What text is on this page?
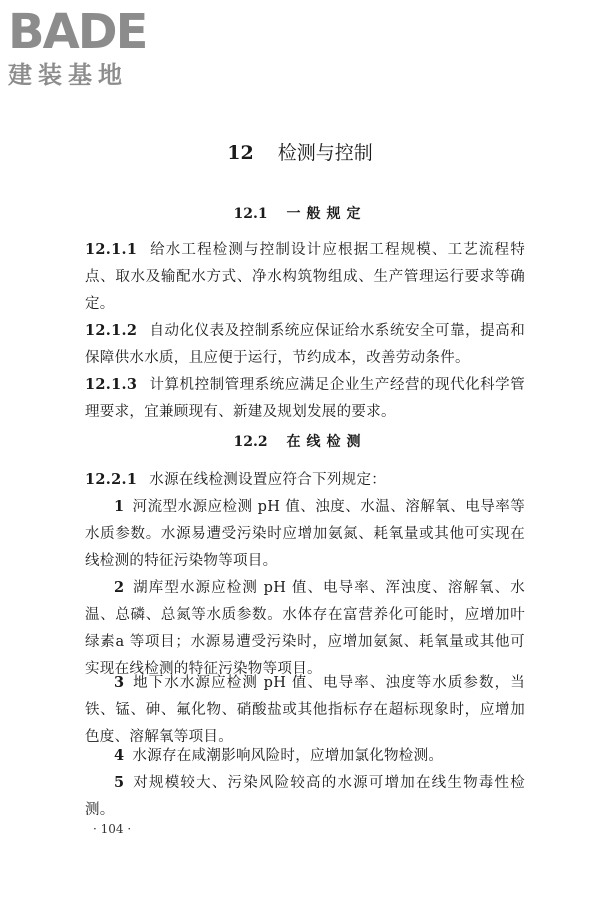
BADE
建装基地
12 检测与控制
12.1 一般规定
12.1.1 给水工程检测与控制设计应根据工程规模、工艺流程特点、取水及输配水方式、净水构筑物组成、生产管理运行要求等确定。
12.1.2 自动化仪表及控制系统应保证给水系统安全可靠，提高和保障供水水质，且应便于运行，节约成本，改善劳动条件。
12.1.3 计算机控制管理系统应满足企业生产经营的现代化科学管理要求，宜兼顾现有、新建及规划发展的要求。
12.2 在线检测
12.2.1 水源在线检测设置应符合下列规定：
1 河流型水源应检测 pH 值、浊度、水温、溶解氧、电导率等水质参数。水源易遭受污染时应增加氨氮、耗氧量或其他可实现在线检测的特征污染物等项目。
2 湖库型水源应检测 pH 值、电导率、浑浊度、溶解氧、水温、总磷、总氮等水质参数。水体存在富营养化可能时，应增加叶绿素a 等项目；水源易遭受污染时，应增加氨氮、耗氧量或其他可实现在线检测的特征污染物等项目。
3 地下水水源应检测 pH 值、电导率、浊度等水质参数，当铁、锰、砷、氟化物、硝酸盐或其他指标存在超标现象时，应增加色度、溶解氧等项目。
4 水源存在咸潮影响风险时，应增加氯化物检测。
5 对规模较大、污染风险较高的水源可增加在线生物毒性检测。
· 104 ·
